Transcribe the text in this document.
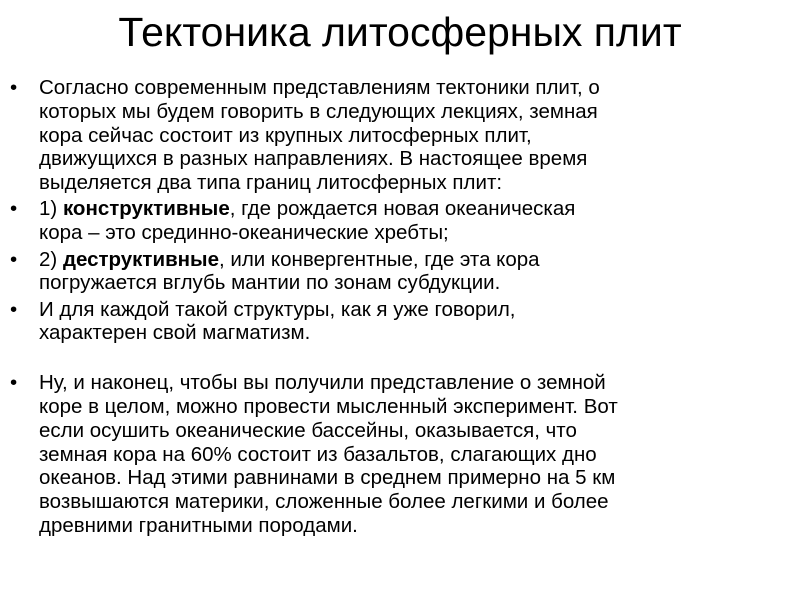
Тектоника литосферных плит
• Согласно современным представлениям тектоники плит, о
которых мы будем говорить в следующих лекциях, земная
кора сейчас состоит из крупных литосферных плит,
движущихся в разных направлениях. В настоящее время
выделяется два типа границ литосферных плит:
• 1) конструктивные, где рождается новая океаническая
кора – это срединно-океанические хребты;
• 2) деструктивные, или конвергентные, где эта кора
погружается вглубь мантии по зонам субдукции.
• И для каждой такой структуры, как я уже говорил,
характерен свой магматизм.
• Ну, и наконец, чтобы вы получили представление о земной
коре в целом, можно провести мысленный эксперимент. Вот
если осушить океанические бассейны, оказывается, что
земная кора на 60% состоит из базальтов, слагающих дно
океанов. Над этими равнинами в среднем примерно на 5 км
возвышаются материки, сложенные более легкими и более
древними гранитными породами.
